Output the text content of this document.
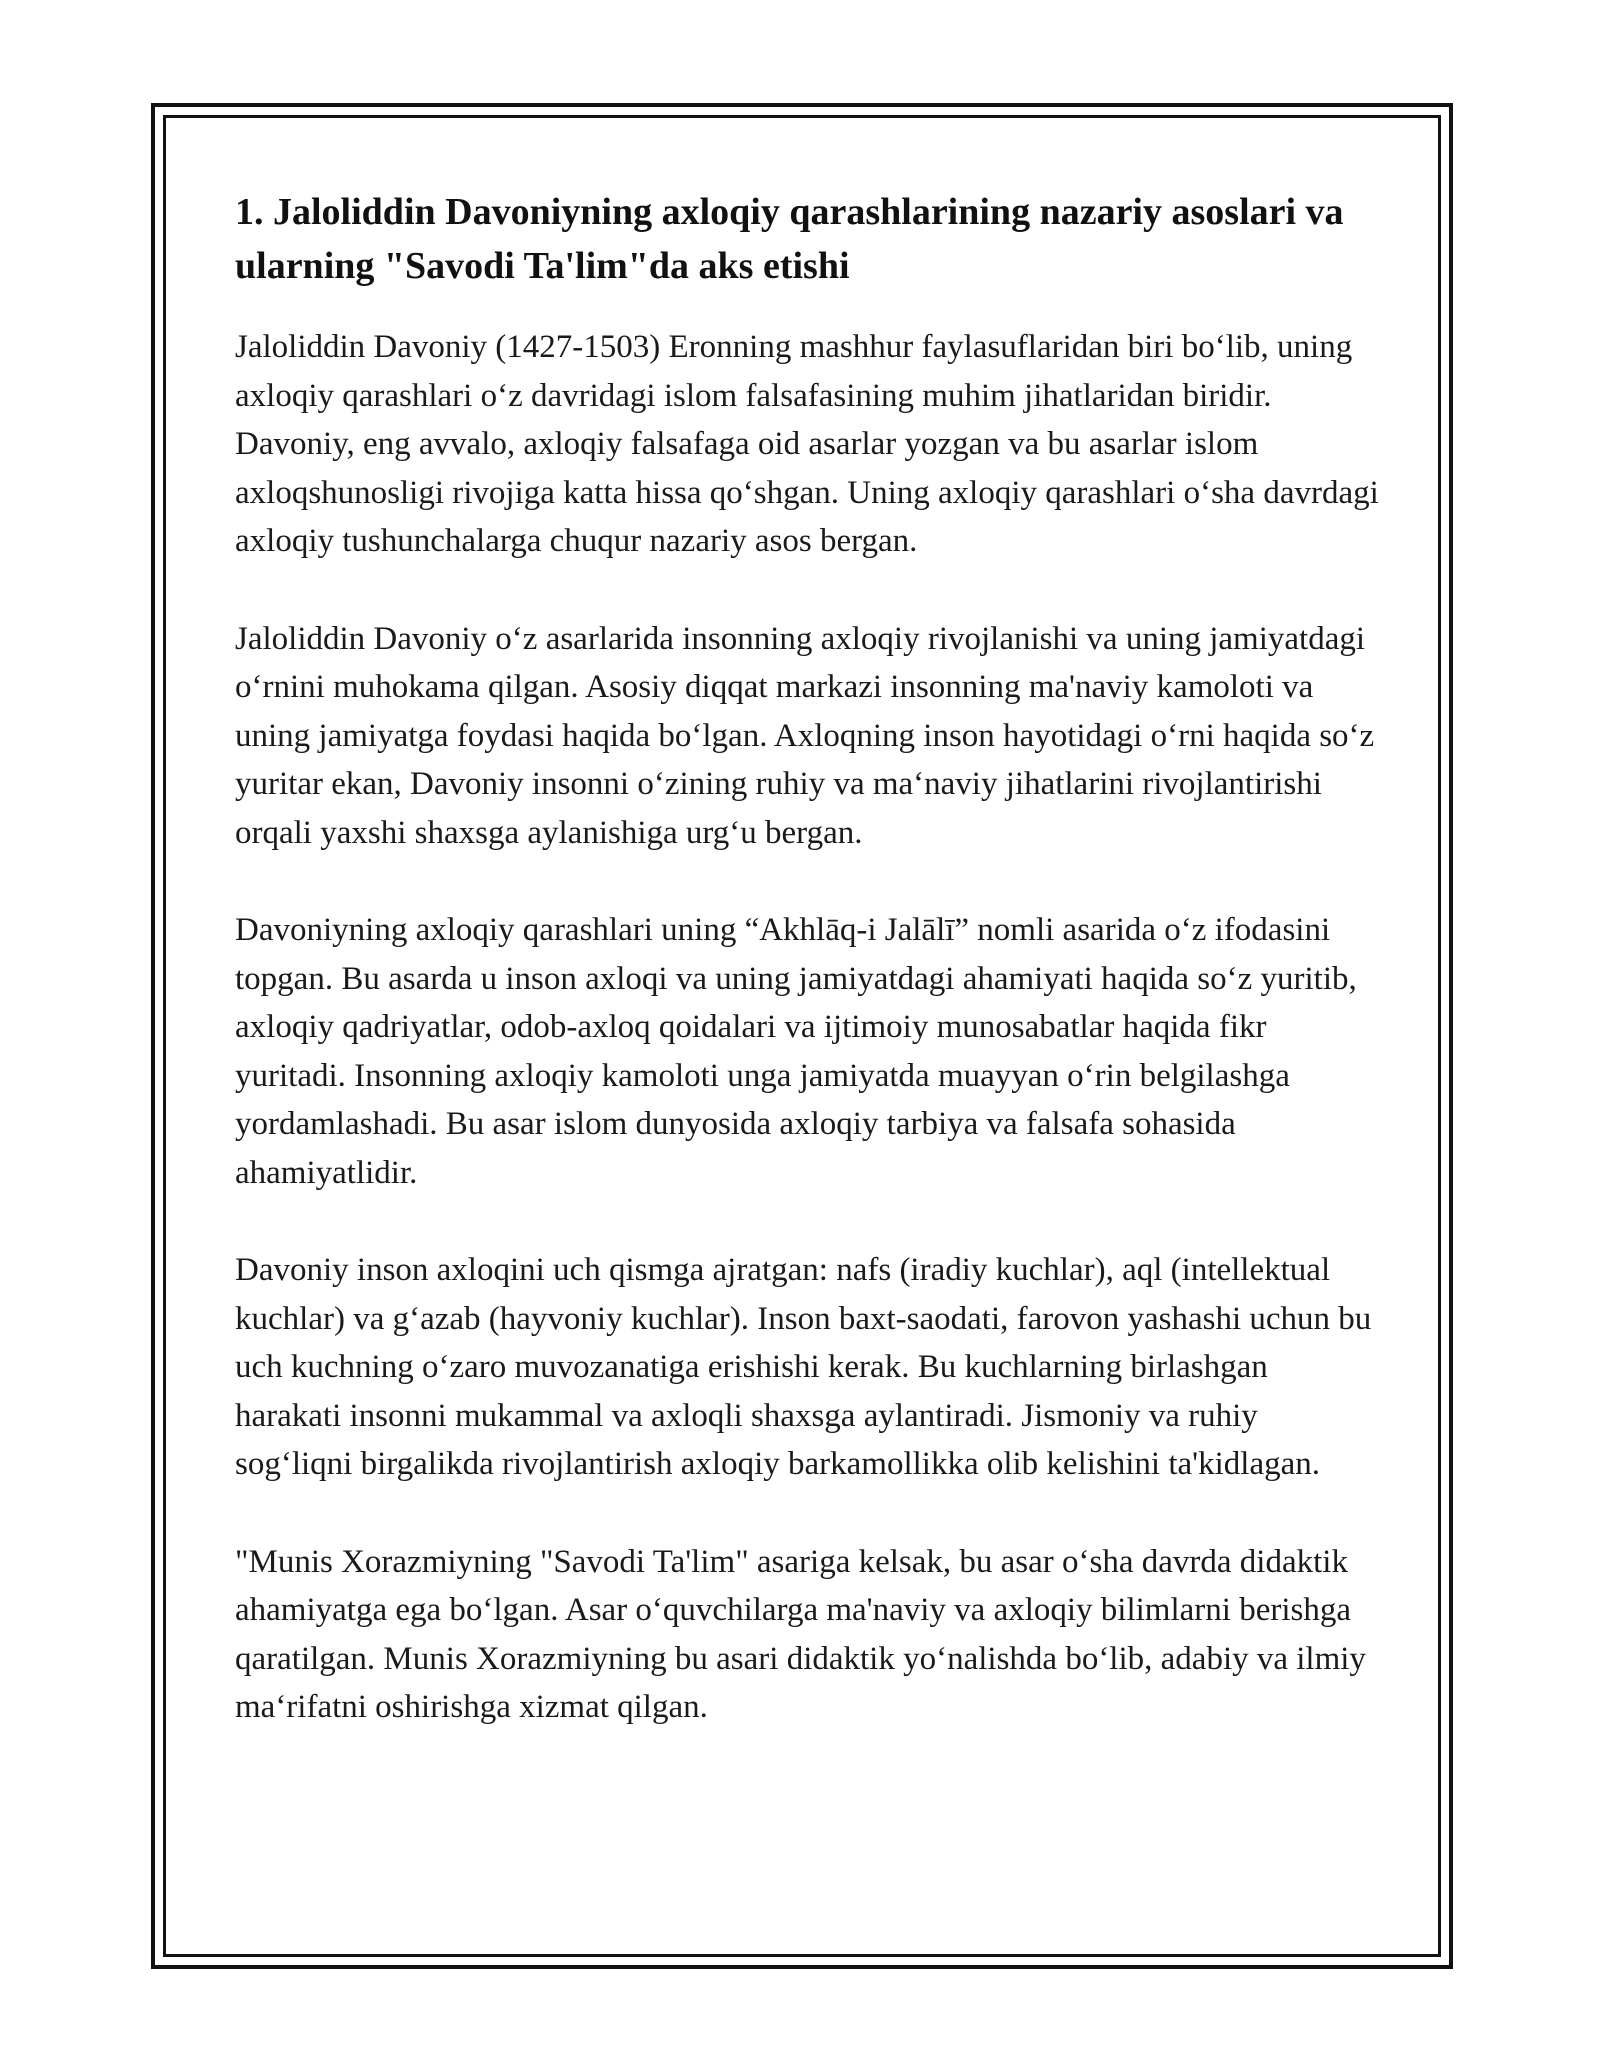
1. Jaloliddin Davoniyning axloqiy qarashlarining nazariy asoslari va ularning "Savodi Ta'lim"da aks etishi

Jaloliddin Davoniy (1427-1503) Eronning mashhur faylasuflaridan biri boʻlib, uning axloqiy qarashlari oʻz davridagi islom falsafasining muhim jihatlaridan biridir. Davoniy, eng avvalo, axloqiy falsafaga oid asarlar yozgan va bu asarlar islom axloqshunosligi rivojiga katta hissa qoʻshgan. Uning axloqiy qarashlari oʻsha davrdagi axloqiy tushunchalarga chuqur nazariy asos bergan.

Jaloliddin Davoniy oʻz asarlarida insonning axloqiy rivojlanishi va uning jamiyatdagi oʻrnini muhokama qilgan. Asosiy diqqat markazi insonning ma'naviy kamoloti va uning jamiyatga foydasi haqida boʻlgan. Axloqning inson hayotidagi oʻrni haqida soʻz yuritar ekan, Davoniy insonni oʻzining ruhiy va maʻnaviy jihatlarini rivojlantirishi orqali yaxshi shaxsga aylanishiga urgʻu bergan.

Davoniyning axloqiy qarashlari uning “Akhlāq-i Jalālī” nomli asarida oʻz ifodasini topgan. Bu asarda u inson axloqi va uning jamiyatdagi ahamiyati haqida soʻz yuritib, axloqiy qadriyatlar, odob-axloq qoidalari va ijtimoiy munosabatlar haqida fikr yuritadi. Insonning axloqiy kamoloti unga jamiyatda muayyan oʻrin belgilashga yordamlashadi. Bu asar islom dunyosida axloqiy tarbiya va falsafa sohasida ahamiyatlidir.

Davoniy inson axloqini uch qismga ajratgan: nafs (iradiy kuchlar), aql (intellektual kuchlar) va gʻazab (hayvoniy kuchlar). Inson baxt-saodati, farovon yashashi uchun bu uch kuchning oʻzaro muvozanatiga erishishi kerak. Bu kuchlarning birlashgan harakati insonni mukammal va axloqli shaxsga aylantiradi. Jismoniy va ruhiy sogʻliqni birgalikda rivojlantirish axloqiy barkamollikka olib kelishini ta'kidlagan.

"Munis Xorazmiyning "Savodi Ta'lim" asariga kelsak, bu asar oʻsha davrda didaktik ahamiyatga ega boʻlgan. Asar oʻquvchilarga ma'naviy va axloqiy bilimlarni berishga qaratilgan. Munis Xorazmiyning bu asari didaktik yoʻnalishda boʻlib, adabiy va ilmiy maʻrifatni oshirishga xizmat qilgan.
